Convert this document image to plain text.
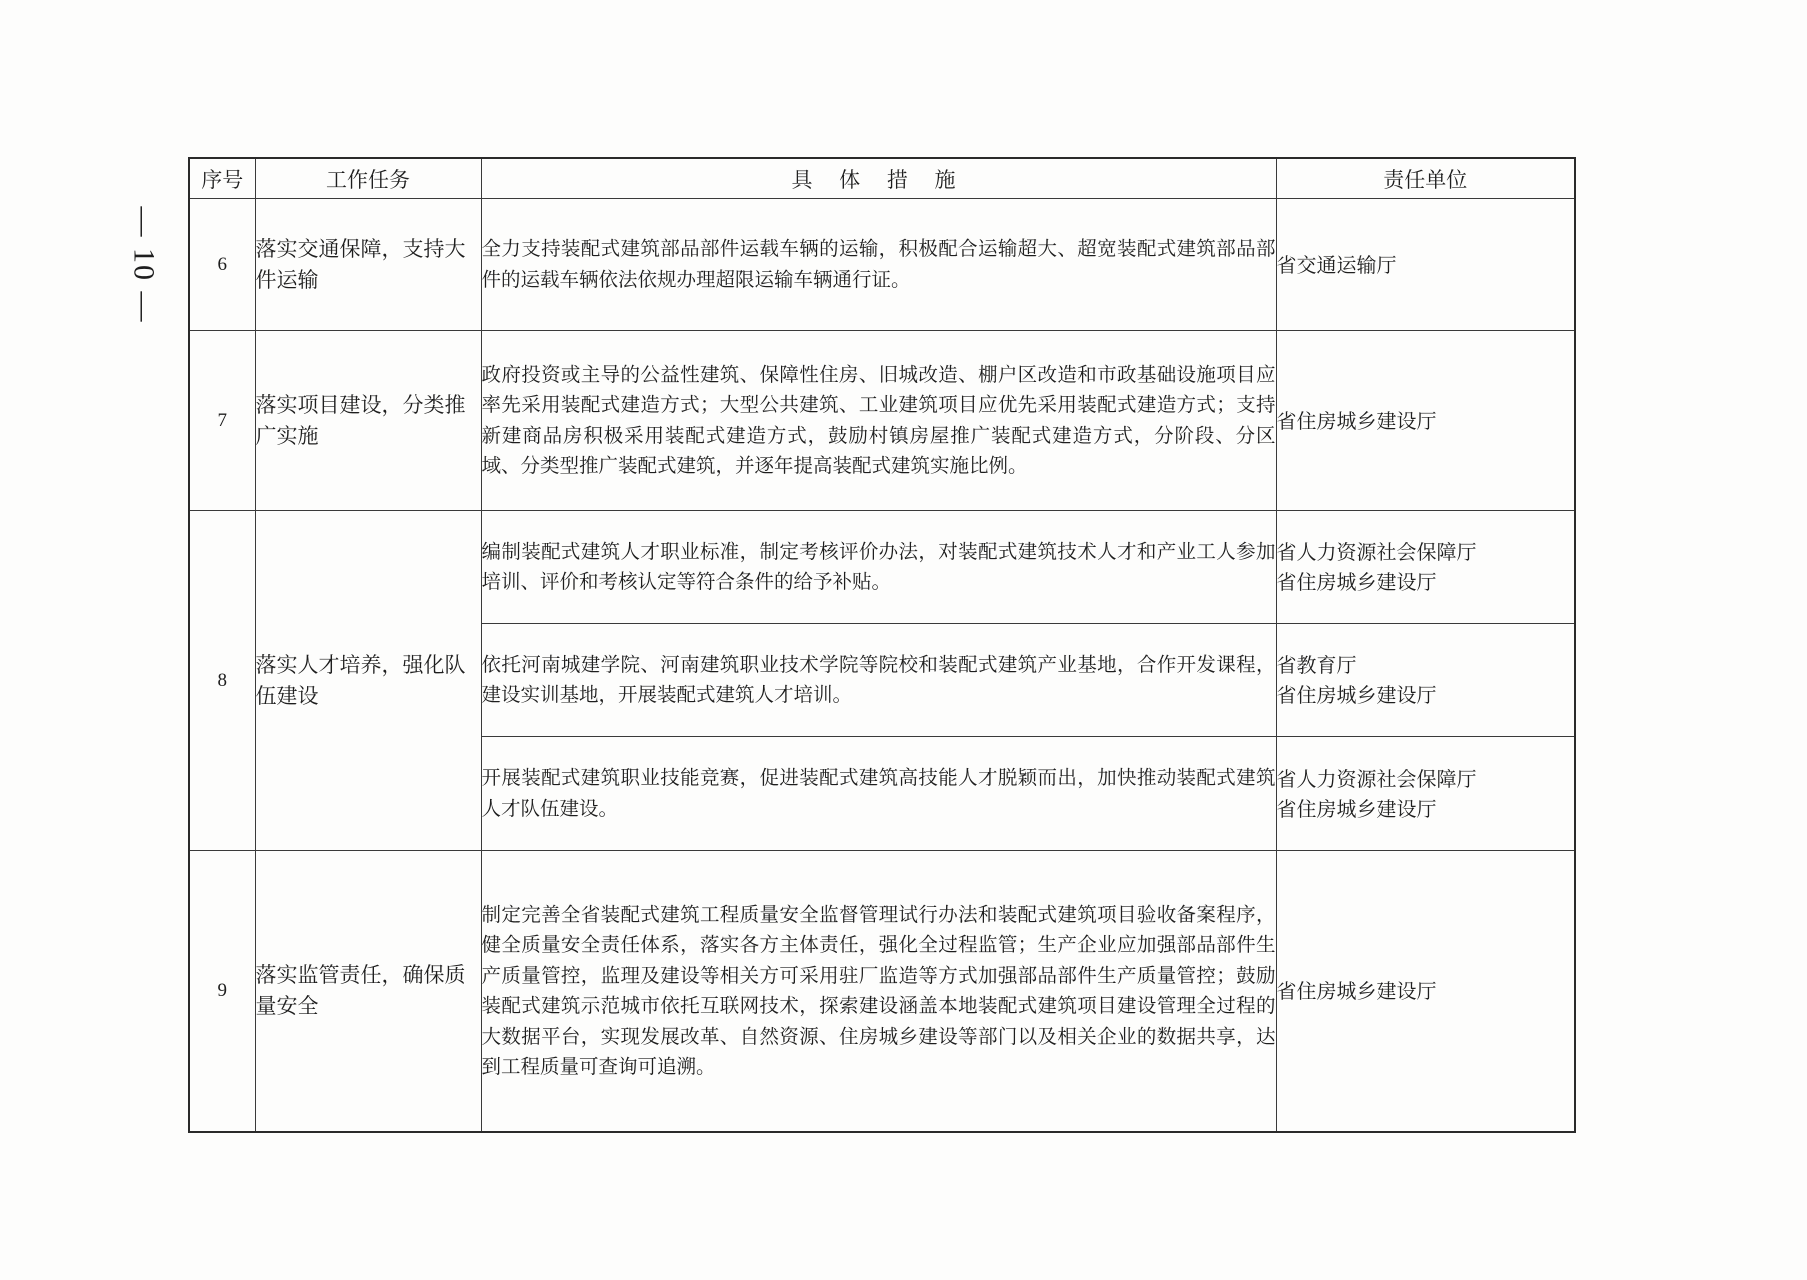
— 10 —
序号	工作任务	具 体 措 施	责任单位
6	落实交通保障，支持大件运输	全力支持装配式建筑部品部件运载车辆的运输，积极配合运输超大、超宽装配式建筑部品部件的运载车辆依法依规办理超限运输车辆通行证。	省交通运输厅

7	落实项目建设，分类推广实施	政府投资或主导的公益性建筑、保障性住房、旧城改造、棚户区改造和市政基础设施项目应率先采用装配式建造方式；大型公共建筑、工业建筑项目应优先采用装配式建造方式；支持新建商品房积极采用装配式建造方式，鼓励村镇房屋推广装配式建造方式，分阶段、分区域、分类型推广装配式建筑，并逐年提高装配式建筑实施比例。	省住房城乡建设厅

8	落实人才培养，强化队伍建设	编制装配式建筑人才职业标准，制定考核评价办法，对装配式建筑技术人才和产业工人参加培训、评价和考核认定等符合条件的给予补贴。	省人力资源社会保障厅
省住房城乡建设厅

		依托河南城建学院、河南建筑职业技术学院等院校和装配式建筑产业基地，合作开发课程，建设实训基地，开展装配式建筑人才培训。	省教育厅
省住房城乡建设厅

		开展装配式建筑职业技能竞赛，促进装配式建筑高技能人才脱颖而出，加快推动装配式建筑人才队伍建设。	省人力资源社会保障厅
省住房城乡建设厅

9	落实监管责任，确保质量安全	制定完善全省装配式建筑工程质量安全监督管理试行办法和装配式建筑项目验收备案程序，健全质量安全责任体系，落实各方主体责任，强化全过程监管；生产企业应加强部品部件生产质量管控，监理及建设等相关方可采用驻厂监造等方式加强部品部件生产质量管控；鼓励装配式建筑示范城市依托互联网技术，探索建设涵盖本地装配式建筑项目建设管理全过程的大数据平台，实现发展改革、自然资源、住房城乡建设等部门以及相关企业的数据共享，达到工程质量可查询可追溯。	省住房城乡建设厅
